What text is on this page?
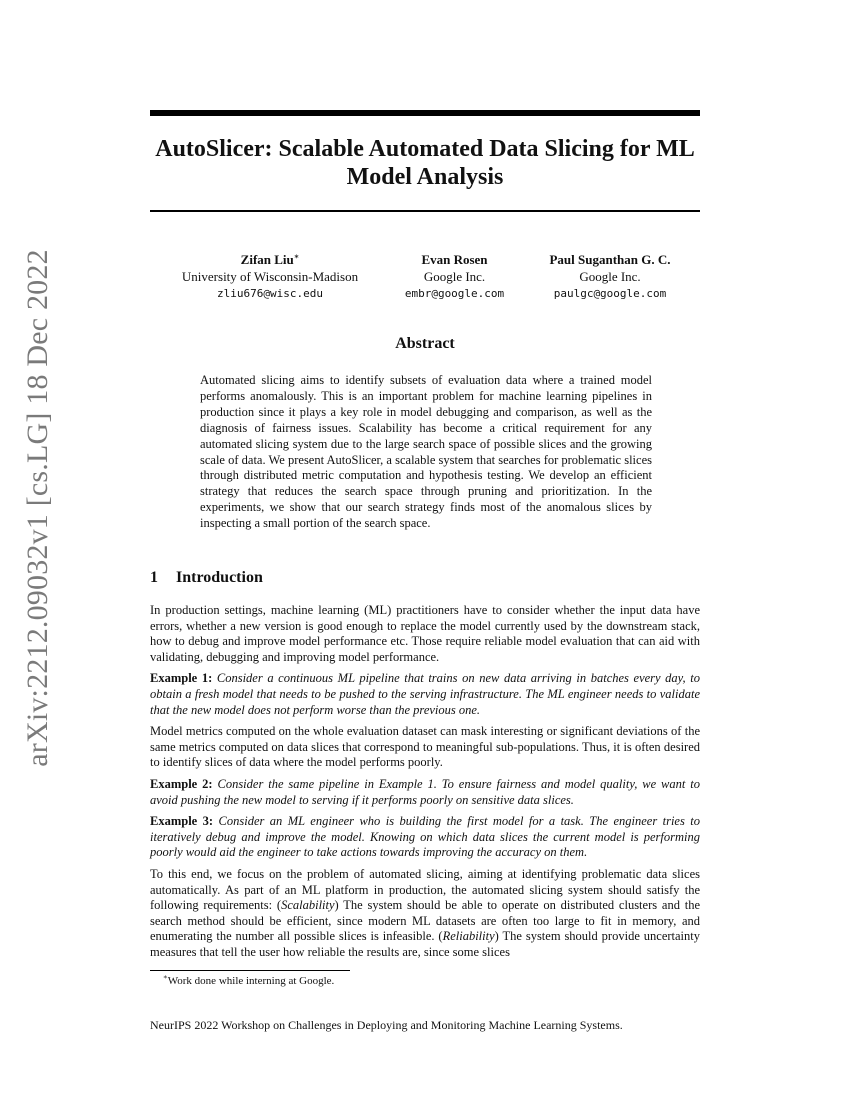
arXiv:2212.09032v1 [cs.LG] 18 Dec 2022
AutoSlicer: Scalable Automated Data Slicing for ML Model Analysis
Zifan Liu∗
University of Wisconsin-Madison
zliu676@wisc.edu
Evan Rosen
Google Inc.
embr@google.com
Paul Suganthan G. C.
Google Inc.
paulgc@google.com
Abstract
Automated slicing aims to identify subsets of evaluation data where a trained model performs anomalously. This is an important problem for machine learning pipelines in production since it plays a key role in model debugging and comparison, as well as the diagnosis of fairness issues. Scalability has become a critical requirement for any automated slicing system due to the large search space of possible slices and the growing scale of data. We present AutoSlicer, a scalable system that searches for problematic slices through distributed metric computation and hypothesis testing. We develop an efficient strategy that reduces the search space through pruning and prioritization. In the experiments, we show that our search strategy finds most of the anomalous slices by inspecting a small portion of the search space.
1 Introduction

In production settings, machine learning (ML) practitioners have to consider whether the input data have errors, whether a new version is good enough to replace the model currently used by the downstream stack, how to debug and improve model performance etc. Those require reliable model evaluation that can aid with validating, debugging and improving model performance.

Example 1: Consider a continuous ML pipeline that trains on new data arriving in batches every day, to obtain a fresh model that needs to be pushed to the serving infrastructure. The ML engineer needs to validate that the new model does not perform worse than the previous one.

Model metrics computed on the whole evaluation dataset can mask interesting or significant deviations of the same metrics computed on data slices that correspond to meaningful sub-populations. Thus, it is often desired to identify slices of data where the model performs poorly.

Example 2: Consider the same pipeline in Example 1. To ensure fairness and model quality, we want to avoid pushing the new model to serving if it performs poorly on sensitive data slices.

Example 3: Consider an ML engineer who is building the first model for a task. The engineer tries to iteratively debug and improve the model. Knowing on which data slices the current model is performing poorly would aid the engineer to take actions towards improving the accuracy on them.

To this end, we focus on the problem of automated slicing, aiming at identifying problematic data slices automatically. As part of an ML platform in production, the automated slicing system should satisfy the following requirements: (Scalability) The system should be able to operate on distributed clusters and the search method should be efficient, since modern ML datasets are often too large to fit in memory, and enumerating the number all possible slices is infeasible. (Reliability) The system should provide uncertainty measures that tell the user how reliable the results are, since some slices

∗Work done while interning at Google.
NeurIPS 2022 Workshop on Challenges in Deploying and Monitoring Machine Learning Systems.
